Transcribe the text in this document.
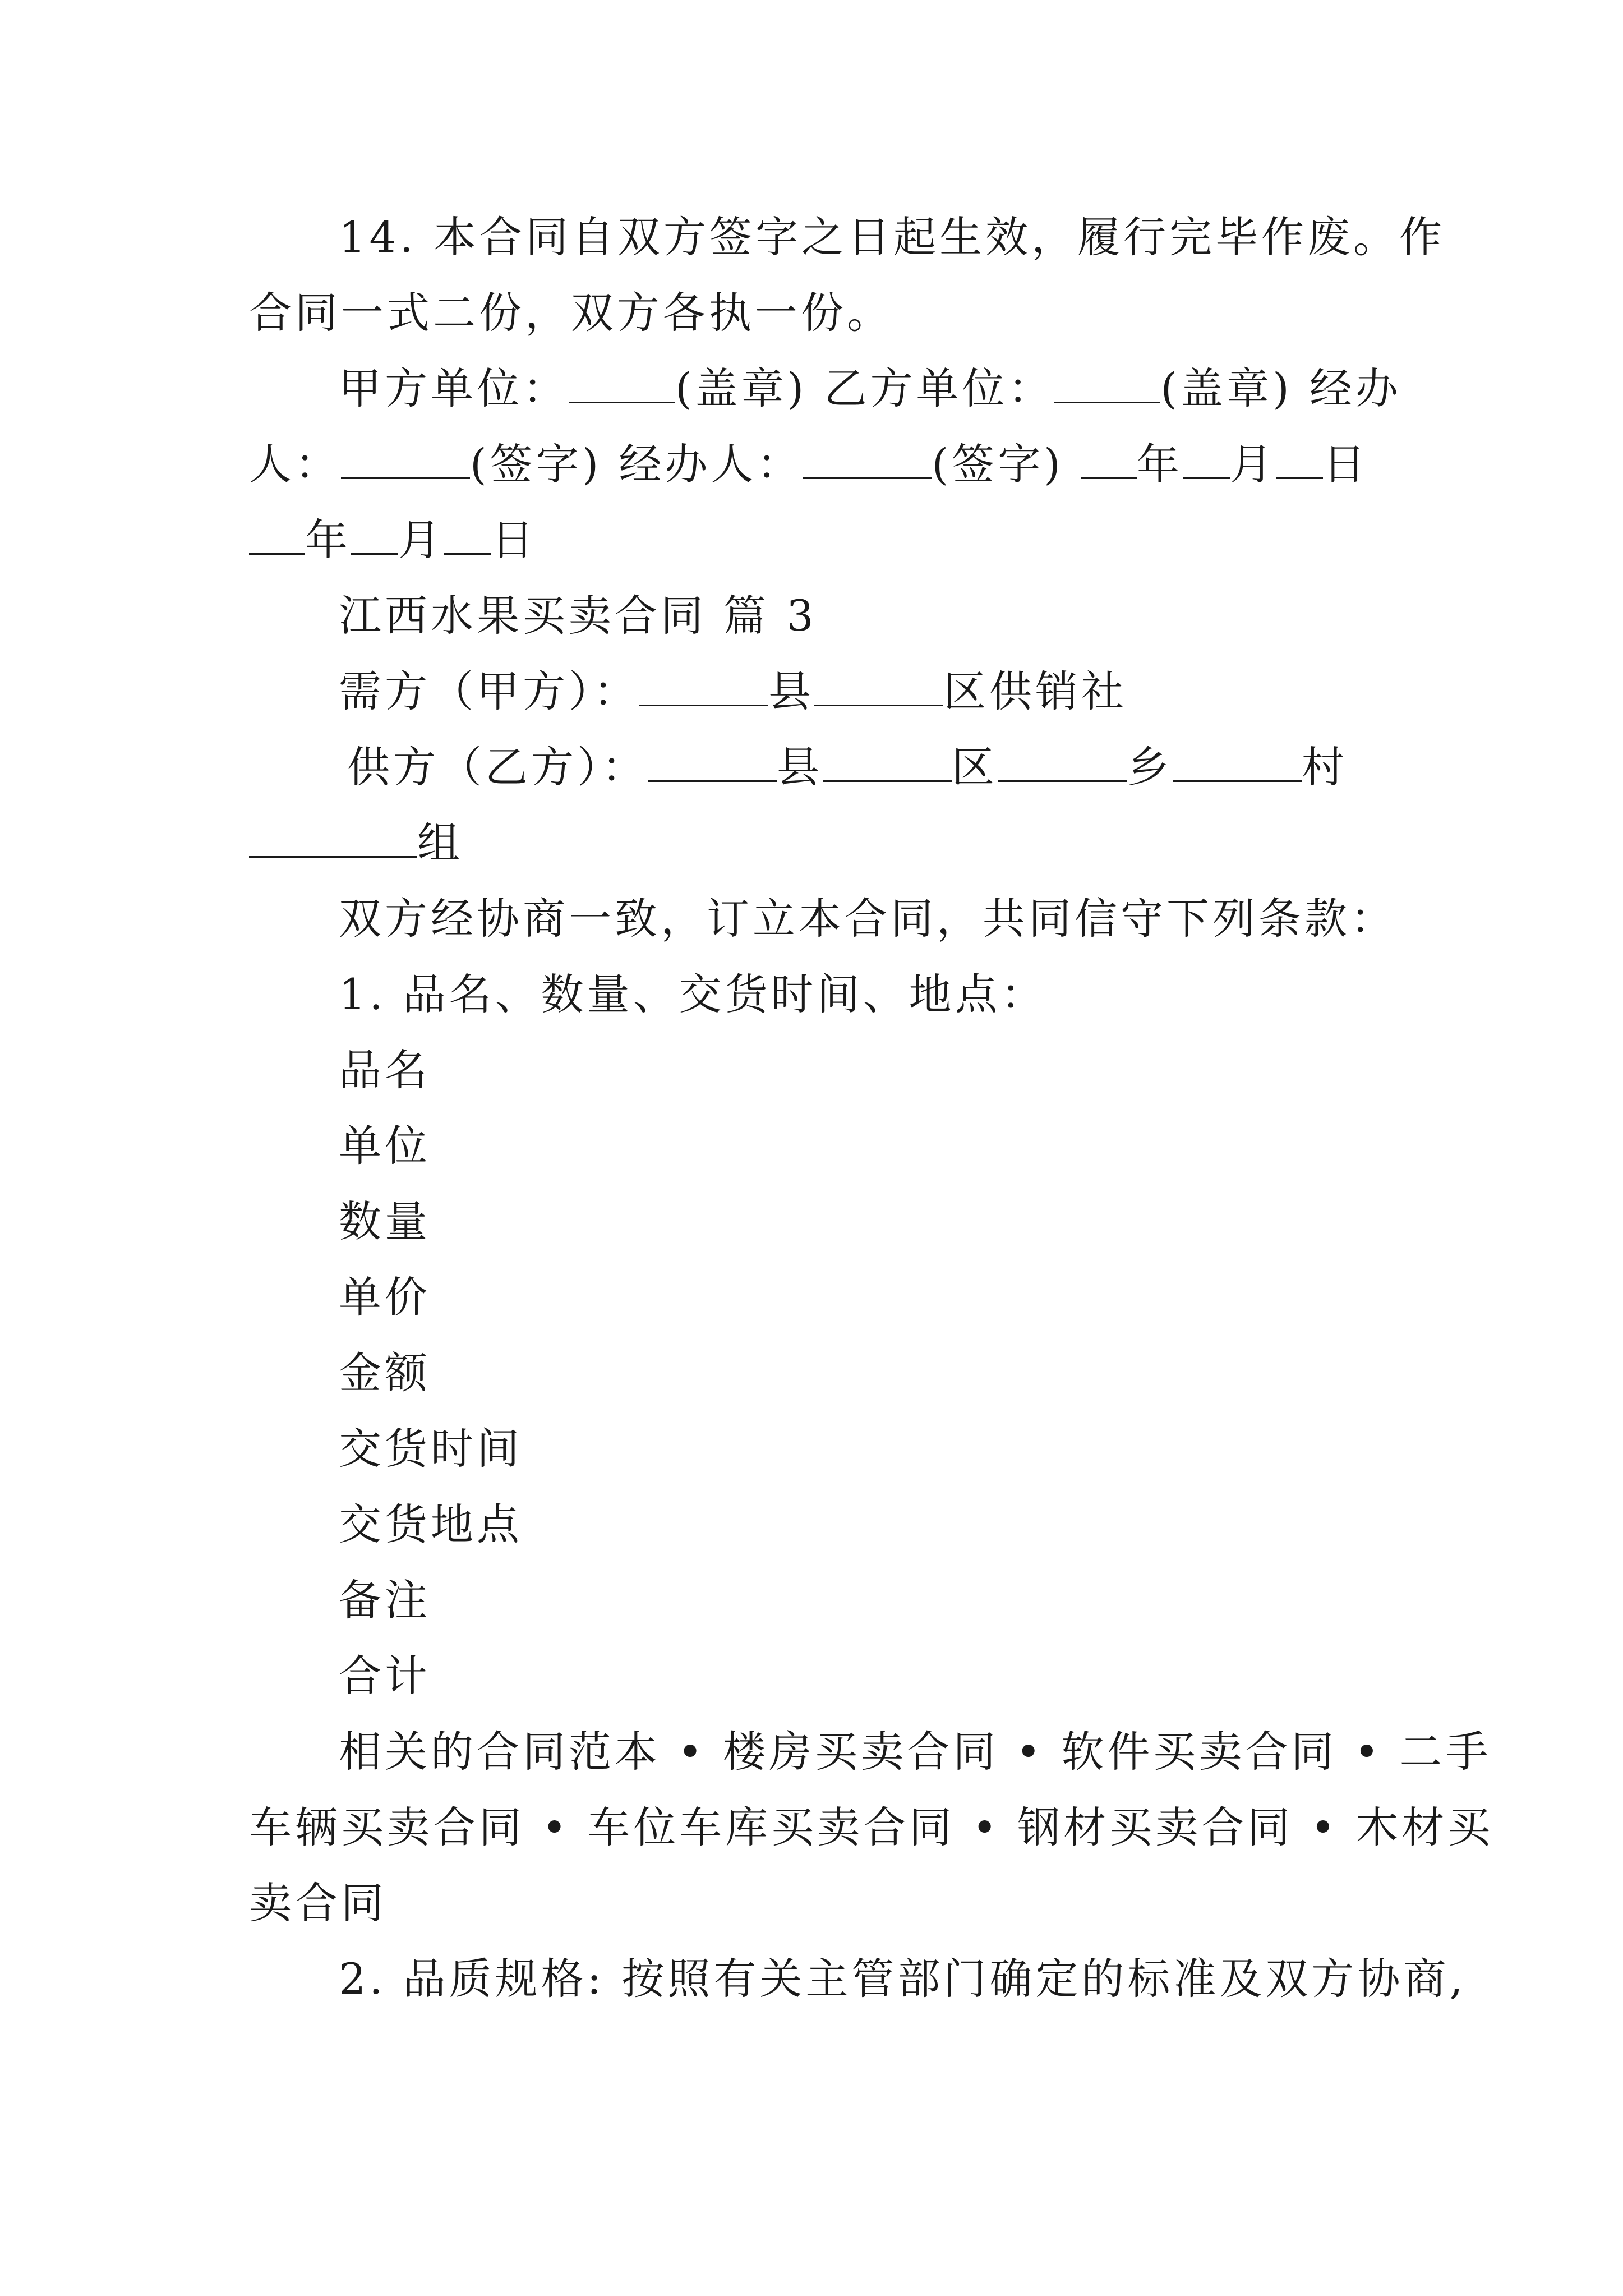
14. 本合同自双方签字之日起生效，履行完毕作废。作
合同一式二份，双方各执一份。
甲方单位：	(盖章) 乙方单位：	(盖章) 经办
人：	(签字) 经办人：	(签字) 年 月 日
年 月 日
江西水果买卖合同 篇 3
需方（甲方）：	县	区供销社
供方（乙方）：	县	区	乡	村
组
双方经协商一致，订立本合同，共同信守下列条款：
1. 品名、数量、交货时间、地点：
品名
单位
数量
单价
金额
交货时间
交货地点
备注
合计
相关的合同范本 • 楼房买卖合同 • 软件买卖合同 • 二手
车辆买卖合同 • 车位车库买卖合同 • 钢材买卖合同 • 木材买
卖合同
2. 品质规格: 按照有关主管部门确定的标准及双方协商,
